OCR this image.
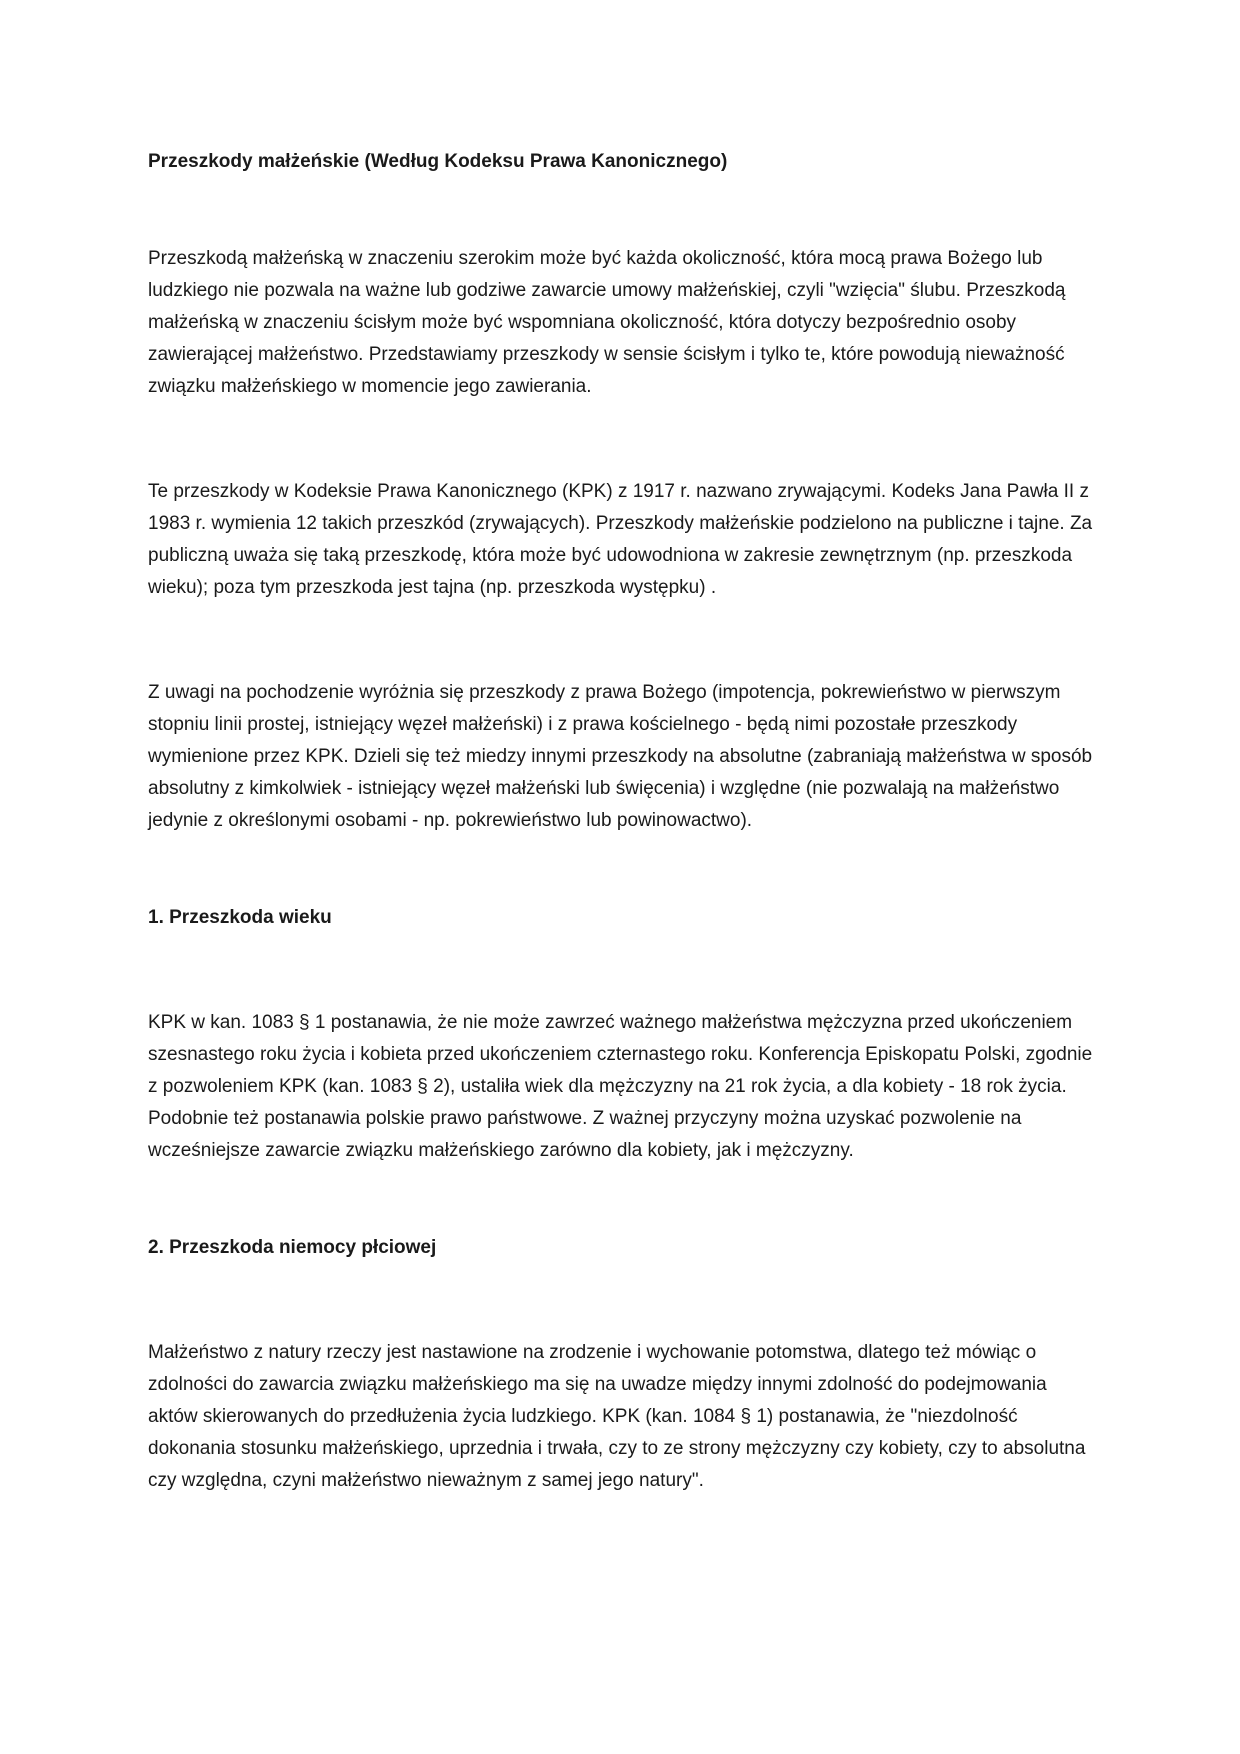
Przeszkody małżeńskie (Według Kodeksu Prawa Kanonicznego)

Przeszkodą małżeńską w znaczeniu szerokim może być każda okoliczność, która mocą prawa Bożego lub ludzkiego nie pozwala na ważne lub godziwe zawarcie umowy małżeńskiej, czyli "wzięcia" ślubu. Przeszkodą małżeńską w znaczeniu ścisłym może być wspomniana okoliczność, która dotyczy bezpośrednio osoby zawierającej małżeństwo. Przedstawiamy przeszkody w sensie ścisłym i tylko te, które powodują nieważność związku małżeńskiego w momencie jego zawierania.

Te przeszkody w Kodeksie Prawa Kanonicznego (KPK) z 1917 r. nazwano zrywającymi. Kodeks Jana Pawła II z 1983 r. wymienia 12 takich przeszkód (zrywających). Przeszkody małżeńskie podzielono na publiczne i tajne. Za publiczną uważa się taką przeszkodę, która może być udowodniona w zakresie zewnętrznym (np. przeszkoda wieku); poza tym przeszkoda jest tajna (np. przeszkoda występku) .

Z uwagi na pochodzenie wyróżnia się przeszkody z prawa Bożego (impotencja, pokrewieństwo w pierwszym stopniu linii prostej, istniejący węzeł małżeński) i z prawa kościelnego - będą nimi pozostałe przeszkody wymienione przez KPK. Dzieli się też miedzy innymi przeszkody na absolutne (zabraniają małżeństwa w sposób absolutny z kimkolwiek - istniejący węzeł małżeński lub święcenia) i względne (nie pozwalają na małżeństwo jedynie z określonymi osobami - np. pokrewieństwo lub powinowactwo).

1. Przeszkoda wieku

KPK w kan. 1083 § 1 postanawia, że nie może zawrzeć ważnego małżeństwa mężczyzna przed ukończeniem szesnastego roku życia i kobieta przed ukończeniem czternastego roku. Konferencja Episkopatu Polski, zgodnie z pozwoleniem KPK (kan. 1083 § 2), ustaliła wiek dla mężczyzny na 21 rok życia, a dla kobiety - 18 rok życia. Podobnie też postanawia polskie prawo państwowe. Z ważnej przyczyny można uzyskać pozwolenie na wcześniejsze zawarcie związku małżeńskiego zarówno dla kobiety, jak i mężczyzny.

2. Przeszkoda niemocy płciowej

Małżeństwo z natury rzeczy jest nastawione na zrodzenie i wychowanie potomstwa, dlatego też mówiąc o zdolności do zawarcia związku małżeńskiego ma się na uwadze między innymi zdolność do podejmowania aktów skierowanych do przedłużenia życia ludzkiego. KPK (kan. 1084 § 1) postanawia, że "niezdolność dokonania stosunku małżeńskiego, uprzednia i trwała, czy to ze strony mężczyzny czy kobiety, czy to absolutna czy względna, czyni małżeństwo nieważnym z samej jego natury".
